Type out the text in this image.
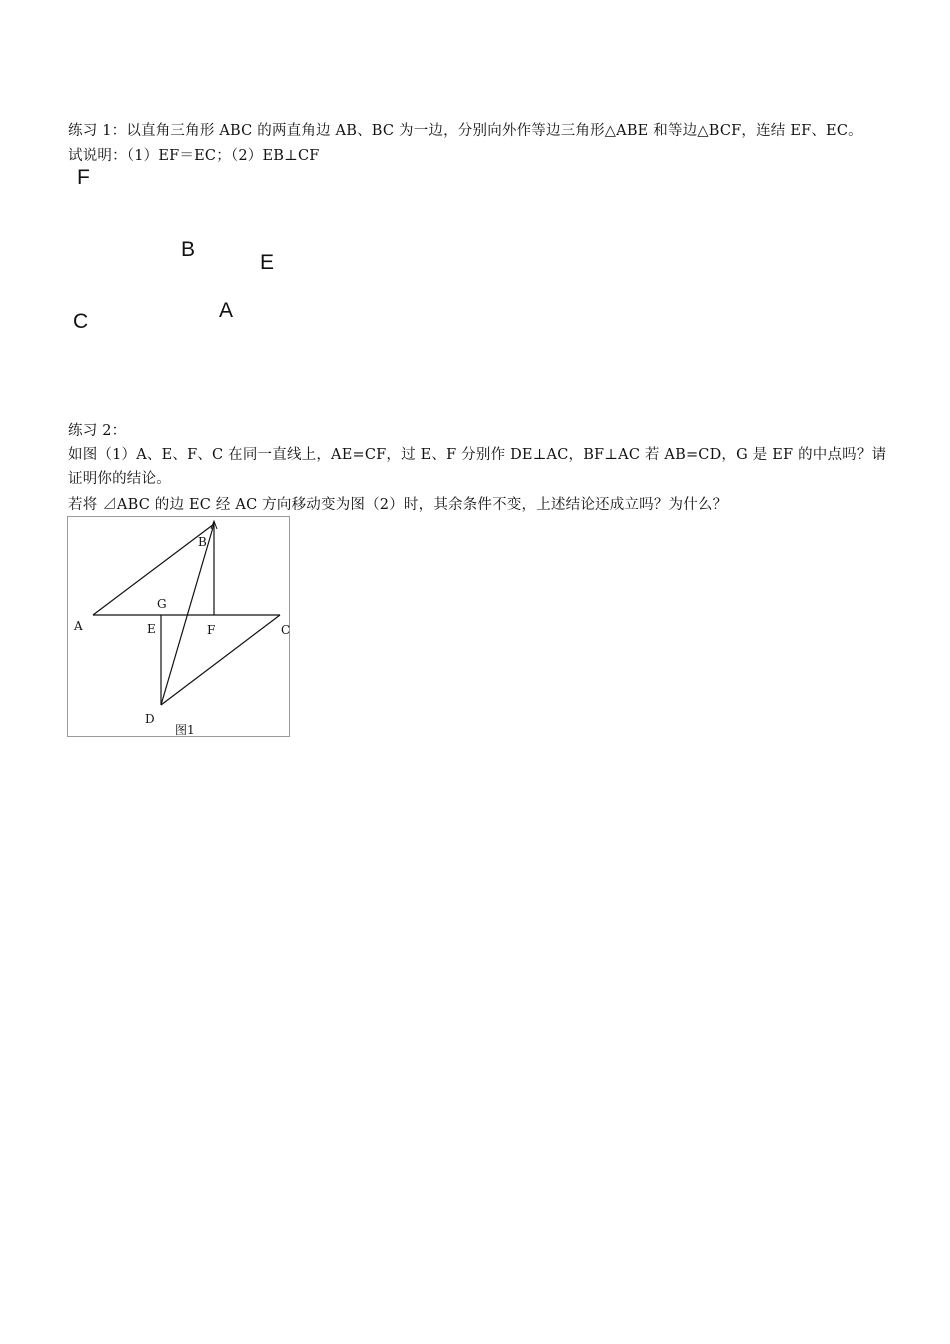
练习 1：以直角三角形 ABC 的两直角边 AB、BC 为一边，分别向外作等边三角形△ABE 和等边△BCF，连结 EF、EC。
试说明：（1）EF＝EC；（2）EB⊥CF
F
B
E
C	A
练习 2：
如图（1）A、E、F、C 在同一直线上，AE=CF，过 E、F 分别作 DE⊥AC，BF⊥AC 若 AB=CD，G 是 EF 的中点吗？请
证明你的结论。
若将 ⊿ABC 的边 EC 经 AC 方向移动变为图（2）时，其余条件不变，上述结论还成立吗？为什么？
A
B
C
D
E	F
G
图1
